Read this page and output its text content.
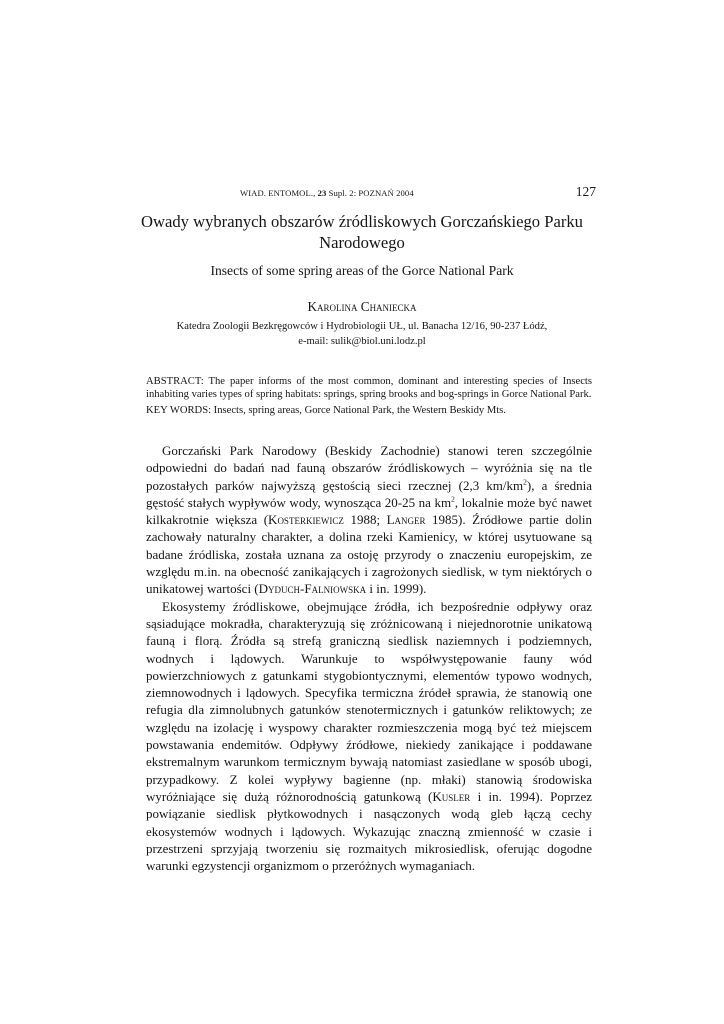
WIAD. ENTOMOL., 23 Supl. 2: POZNAŃ 2004	127
Owady wybranych obszarów źródliskowych Gorczańskiego Parku
Narodowego
Insects of some spring areas of the Gorce National Park
Karolina Chaniecka
Katedra Zoologii Bezkręgowców i Hydrobiologii UŁ, ul. Banacha 12/16, 90-237 Łódź,
e-mail: sulik@biol.uni.lodz.pl

ABSTRACT: The paper informs of the most common, dominant and interesting species of Insects inhabiting varies types of spring habitats: springs, spring brooks and bog-springs in Gorce National Park.

KEY WORDS: Insects, spring areas, Gorce National Park, the Western Beskidy Mts.

Gorczański Park Narodowy (Beskidy Zachodnie) stanowi teren szczególnie odpowiedni do badań nad fauną obszarów źródliskowych – wyróżnia się na tle pozostałych parków najwyższą gęstością sieci rzecznej (2,3 $km/km^2$), a średnia gęstość stałych wypływów wody, wynosząca 20-25 na $km^2$, lokalnie może być nawet kilkakrotnie większa (Kosterkiewicz 1988; Langer 1985). Źródłowe partie dolin zachowały naturalny charakter, a dolina rzeki Kamienicy, w której usytuowane są badane źródliska, została uznana za ostoję przyrody o znaczeniu europejskim, ze względu m.in. na obecność zanikających i zagrożonych siedlisk, w tym niektórych o unikatowej wartości (Dyduch-Falniowska i in. 1999).

Ekosystemy źródliskowe, obejmujące źródła, ich bezpośrednie odpływy oraz sąsiadujące mokradła, charakteryzują się zróżnicowaną i niejednorotnie unikatową fauną i florą. Źródła są strefą graniczną siedlisk naziemnych i podziemnych, wodnych i lądowych. Warunkuje to współwystępowanie fauny wód powierzchniowych z gatunkami stygobiontycznymi, elementów typowo wodnych, ziemnowodnych i lądowych. Specyfika termiczna źródeł sprawia, że stanowią one refugia dla zimnolubnych gatunków stenotermicznych i gatunków reliktowych; ze względu na izolację i wyspowy charakter rozmieszczenia mogą być też miejscem powstawania endemitów. Odpływy źródłowe, niekiedy zanikające i poddawane ekstremalnym warunkom termicznym bywają natomiast zasiedlane w sposób ubogi, przypadkowy. Z kolei wypływy bagienne (np. młaki) stanowią środowiska wyróżniające się dużą różnorodnością gatunkową (Kusler i in. 1994). Poprzez powiązanie siedlisk płytkowodnych i nasączonych wodą gleb łączą cechy ekosystemów wodnych i lądowych. Wykazując znaczną zmienność w czasie i przestrzeni sprzyjają tworzeniu się rozmaitych mikrosiedlisk, oferując dogodne warunki egzystencji organizmom o przeróżnych wymaganiach.
